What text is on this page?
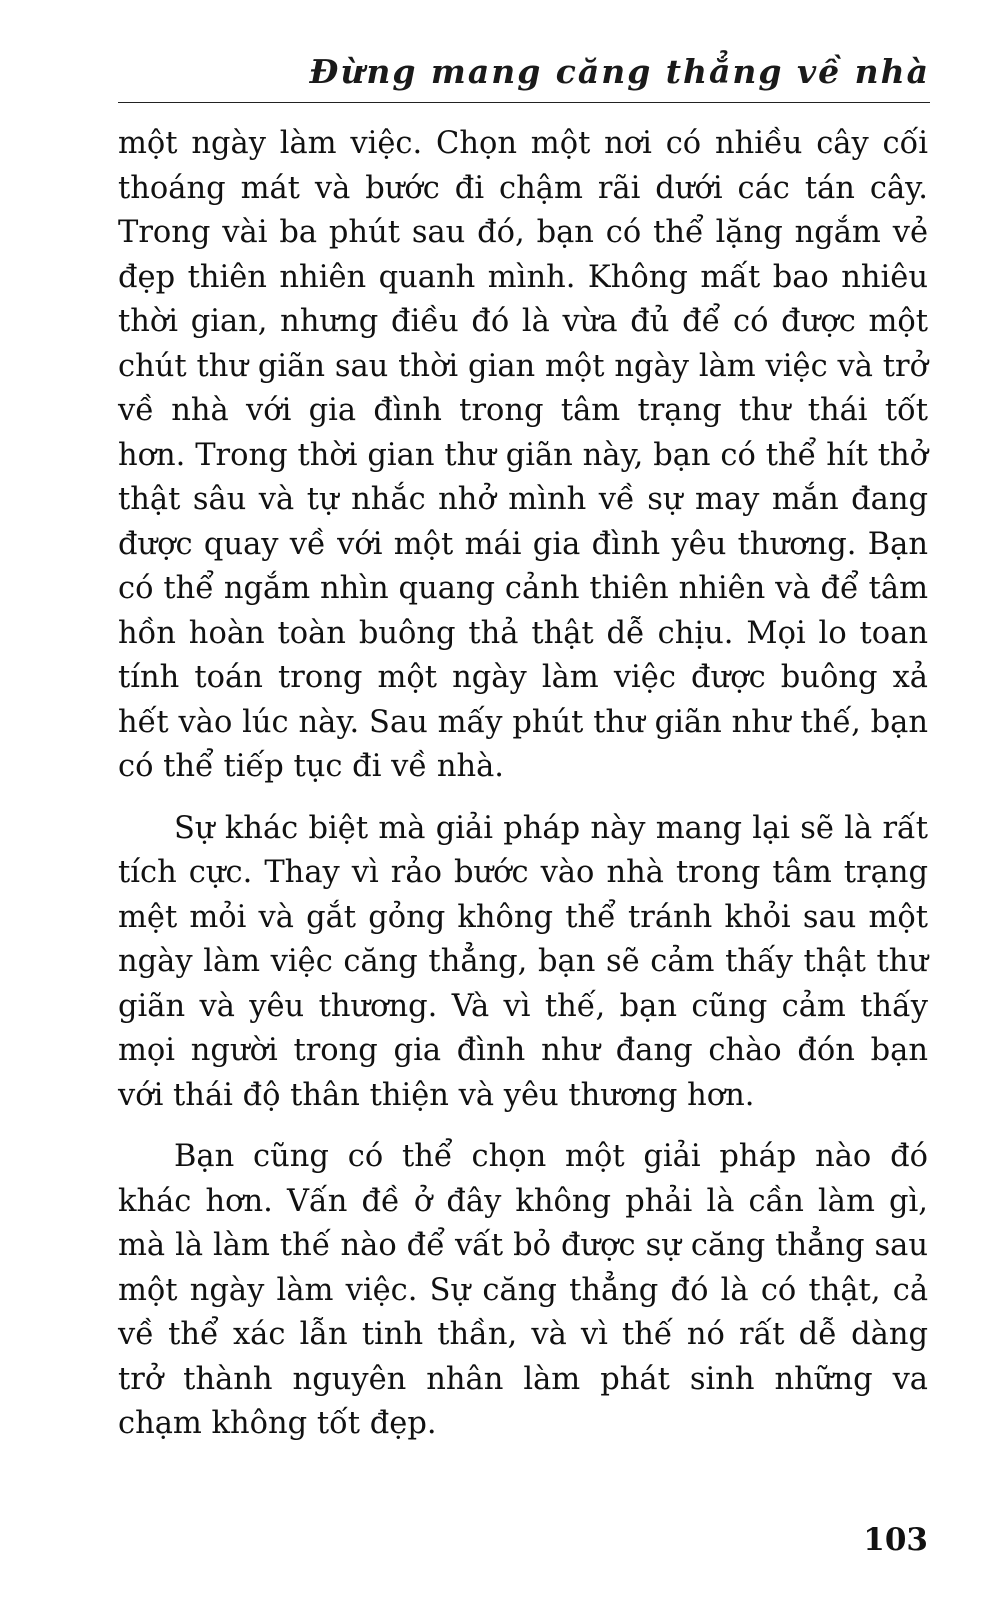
Đừng mang căng thẳng về nhà

một ngày làm việc. Chọn một nơi có nhiều cây cối thoáng mát và bước đi chậm rãi dưới các tán cây. Trong vài ba phút sau đó, bạn có thể lặng ngắm vẻ đẹp thiên nhiên quanh mình. Không mất bao nhiêu thời gian, nhưng điều đó là vừa đủ để có được một chút thư giãn sau thời gian một ngày làm việc và trở về nhà với gia đình trong tâm trạng thư thái tốt hơn. Trong thời gian thư giãn này, bạn có thể hít thở thật sâu và tự nhắc nhở mình về sự may mắn đang được quay về với một mái gia đình yêu thương. Bạn có thể ngắm nhìn quang cảnh thiên nhiên và để tâm hồn hoàn toàn buông thả thật dễ chịu. Mọi lo toan tính toán trong một ngày làm việc được buông xả hết vào lúc này. Sau mấy phút thư giãn như thế, bạn có thể tiếp tục đi về nhà.

Sự khác biệt mà giải pháp này mang lại sẽ là rất tích cực. Thay vì rảo bước vào nhà trong tâm trạng mệt mỏi và gắt gỏng không thể tránh khỏi sau một ngày làm việc căng thẳng, bạn sẽ cảm thấy thật thư giãn và yêu thương. Và vì thế, bạn cũng cảm thấy mọi người trong gia đình như đang chào đón bạn với thái độ thân thiện và yêu thương hơn.

Bạn cũng có thể chọn một giải pháp nào đó khác hơn. Vấn đề ở đây không phải là cần làm gì, mà là làm thế nào để vất bỏ được sự căng thẳng sau một ngày làm việc. Sự căng thẳng đó là có thật, cả về thể xác lẫn tinh thần, và vì thế nó rất dễ dàng trở thành nguyên nhân làm phát sinh những va chạm không tốt đẹp.

103
